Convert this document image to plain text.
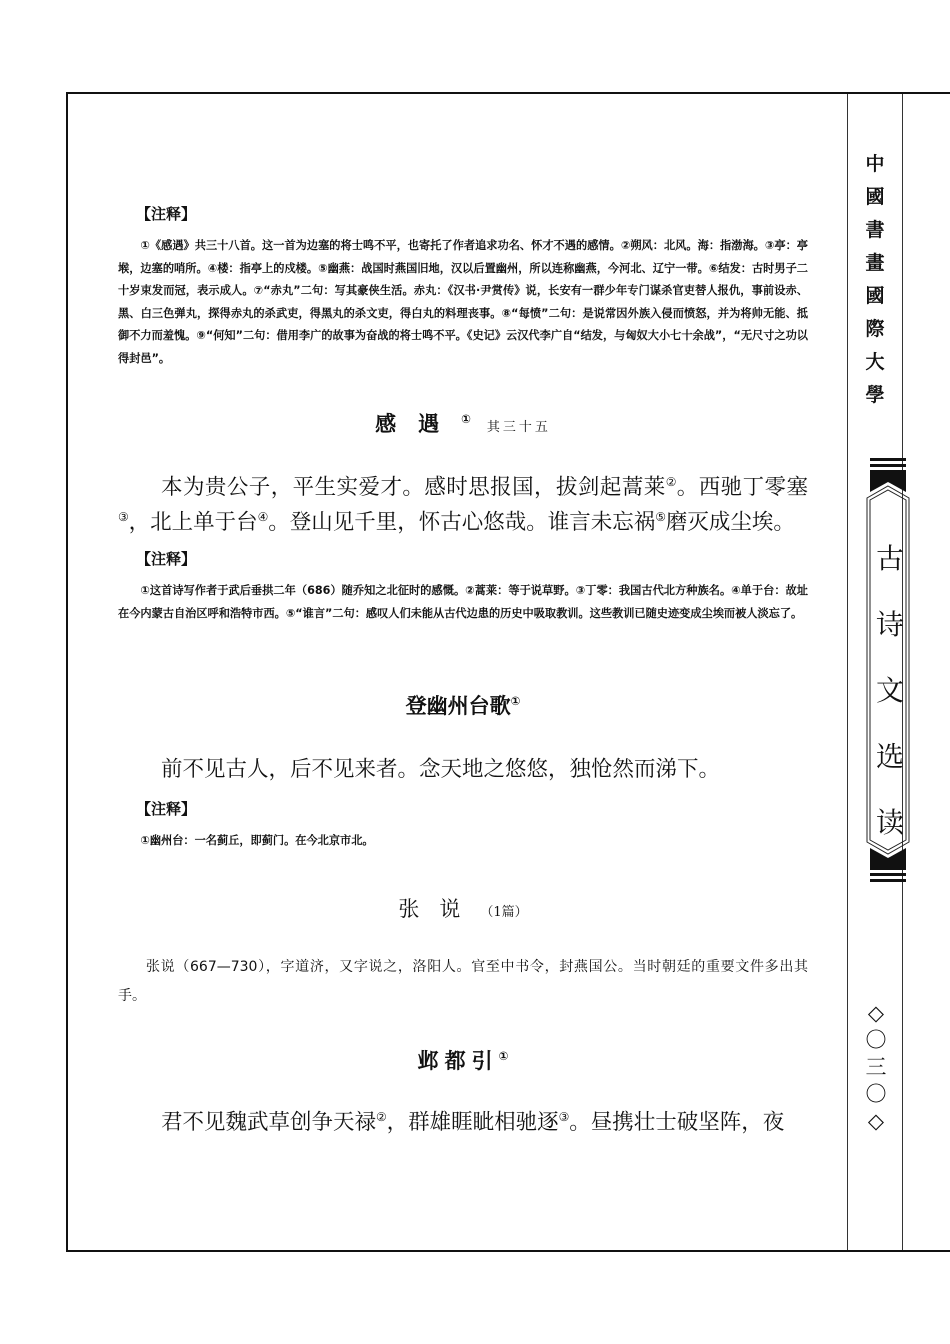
【注释】
①《感遇》共三十八首。这一首为边塞的将士鸣不平，也寄托了作者追求功名、怀才不遇的感情。②朔风：北风。海：指渤海。③亭：亭堠，边塞的哨所。④楼：指亭上的戍楼。⑤幽燕：战国时燕国旧地，汉以后置幽州，所以连称幽燕，今河北、辽宁一带。⑥结发：古时男子二十岁束发而冠，表示成人。⑦“赤丸”二句：写其豪侠生活。赤丸：《汉书·尹赏传》说，长安有一群少年专门谋杀官吏替人报仇，事前设赤、黑、白三色弹丸，探得赤丸的杀武吏，得黑丸的杀文吏，得白丸的料理丧事。⑧“每愤”二句：是说常因外族入侵而愤怒，并为将帅无能、抵御不力而羞愧。⑨“何知”二句：借用李广的故事为奋战的将士鸣不平。《史记》云汉代李广自“结发，与匈奴大小七十余战”，“无尺寸之功以得封邑”。
感遇①其三十五
本为贵公子，平生实爱才。感时思报国，拔剑起蒿莱②。西驰丁零塞③，北上单于台④。登山见千里，怀古心悠哉。谁言未忘祸⑤磨灭成尘埃。
【注释】
①这首诗写作者于武后垂拱二年（686）随乔知之北征时的感慨。②蒿莱：等于说草野。③丁零：我国古代北方种族名。④单于台：故址在今内蒙古自治区呼和浩特市西。⑤“谁言”二句：感叹人们未能从古代边患的历史中吸取教训。这些教训已随史迹变成尘埃而被人淡忘了。
登幽州台歌①
前不见古人，后不见来者。念天地之悠悠，独怆然而涕下。
【注释】
①幽州台：一名蓟丘，即蓟门。在今北京市北。
张说（1篇）
张说（667—730），字道济，又字说之，洛阳人。官至中书令，封燕国公。当时朝廷的重要文件多出其手。
邺都引①
君不见魏武草创争天禄②，群雄睚眦相驰逐③。昼携壮士破坚阵，夜
中國書畫國際大學
古诗文选读
◇〇三〇◇
